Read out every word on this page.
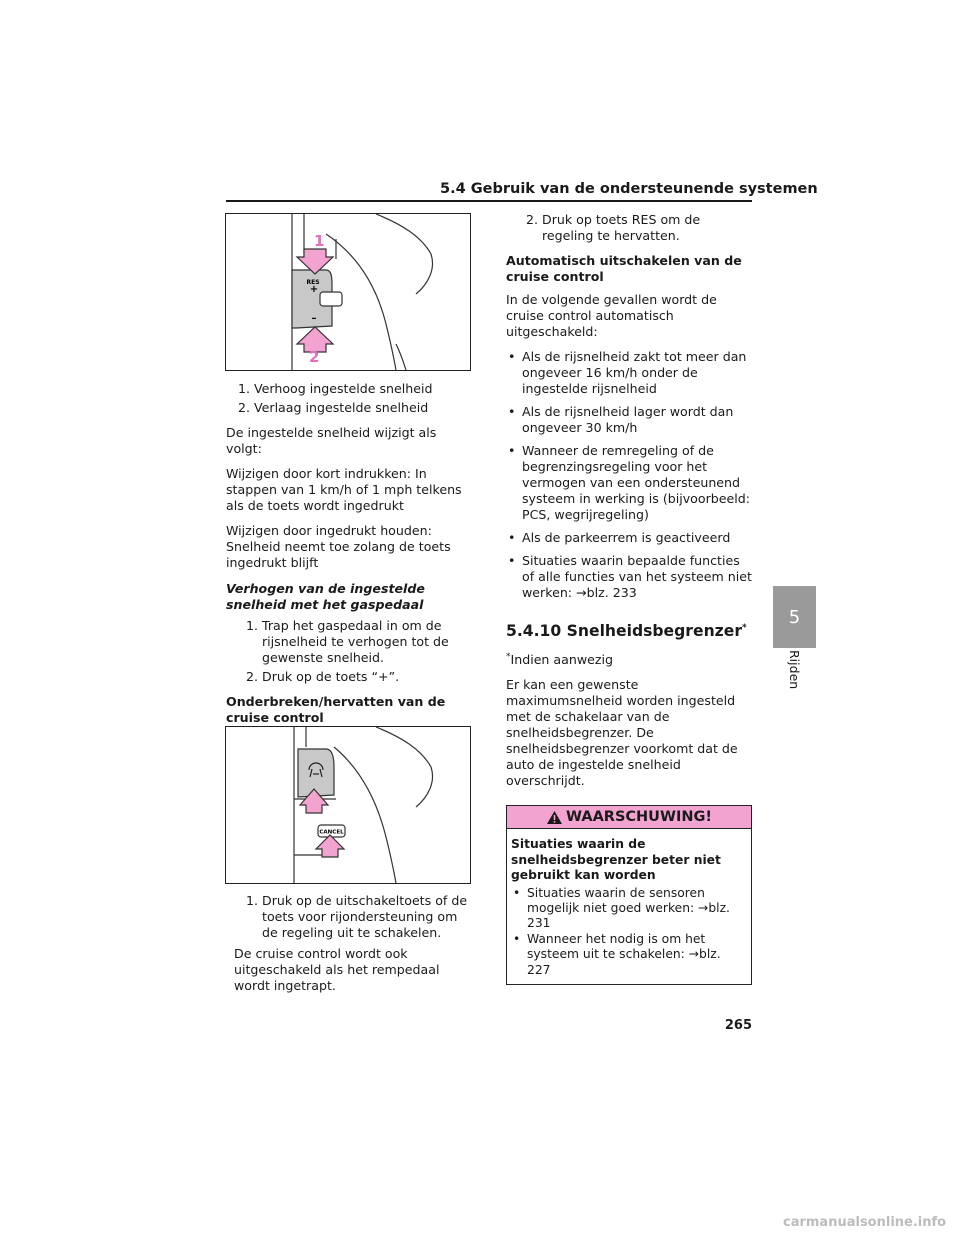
5.4 Gebruik van de ondersteunende systemen
RES
+
–
1
2
CANCEL
1. Verhoog ingestelde snelheid
2. Verlaag ingestelde snelheid

De ingestelde snelheid wijzigt als volgt:

Wijzigen door kort indrukken: In stappen van 1 km/h of 1 mph telkens als de toets wordt ingedrukt

Wijzigen door ingedrukt houden: Snelheid neemt toe zolang de toets ingedrukt blijft

Verhogen van de ingestelde snelheid met het gaspedaal
1. Trap het gaspedaal in om de rijsnelheid te verhogen tot de gewenste snelheid.
2. Druk op de toets “+”.
Onderbreken/hervatten van de cruise control
1. Druk op de uitschakeltoets of de toets voor rijondersteuning om de regeling uit te schakelen.
De cruise control wordt ook uitgeschakeld als het rempedaal wordt ingetrapt.
2. Druk op toets RES om de regeling te hervatten.
Automatisch uitschakelen van de cruise control

In de volgende gevallen wordt de cruise control automatisch uitgeschakeld:

• Als de rijsnelheid zakt tot meer dan ongeveer 16 km/h onder de ingestelde rijsnelheid
• Als de rijsnelheid lager wordt dan ongeveer 30 km/h
• Wanneer de remregeling of de begrenzingsregeling voor het vermogen van een ondersteunend systeem in werking is (bijvoorbeeld: PCS, wegrijregeling)
• Als de parkeerrem is geactiveerd
• Situaties waarin bepaalde functies of alle functies van het systeem niet werken: →blz. 233
5.4.10 Snelheidsbegrenzer*

*Indien aanwezig

Er kan een gewenste maximumsnelheid worden ingesteld met de schakelaar van de snelheidsbegrenzer. De snelheidsbegrenzer voorkomt dat de auto de ingestelde snelheid overschrijdt.

WAARSCHUWING!
Situaties waarin de snelheidsbegrenzer beter niet gebruikt kan worden
• Situaties waarin de sensoren mogelijk niet goed werken: →blz. 231
• Wanneer het nodig is om het systeem uit te schakelen: →blz. 227
5
Rijden
265
carmanualsonline.info
